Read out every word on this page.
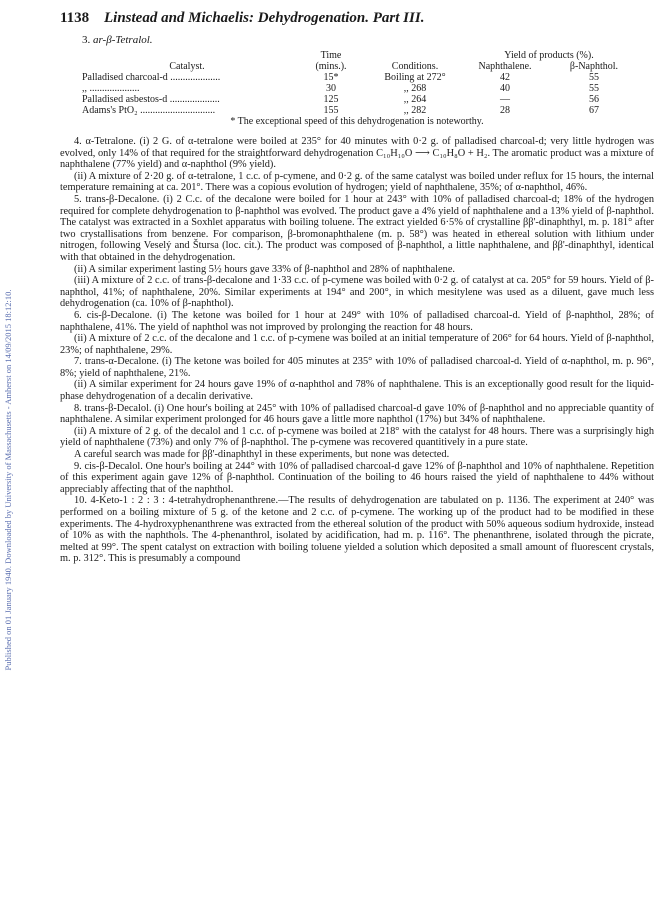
Published on 01 January 1940. Downloaded by University of Massachusetts - Amherst on 14/09/2015 18:12:10.
1138 Linstead and Michaelis: Dehydrogenation. Part III.
3. ar-β-Tetralol.
	Time		Yield of products (%).	
Catalyst.	(mins.).	Conditions.	Naphthalene.	β-Naphthol.
Palladised charcoal-d ....................	15*	Boiling at 272°	42	55
,, ....................	30	,, 268	40	55
Palladised asbestos-d ....................	125	,, 264	—	56
Adams's PtO₂ ..............................	155	,, 282	28	67
* The exceptional speed of this dehydrogenation is noteworthy.

4. α-Tetralone. (i) 2 G. of α-tetralone were boiled at 235° for 40 minutes with 0·2 g. of palladised charcoal-d; very little hydrogen was evolved, only 14% of that required for the straightforward dehydrogenation C₁₀H₁₀O ⟶ C₁₀H₈O + H₂. The aromatic product was a mixture of naphthalene (77% yield) and α-naphthol (9% yield).

(ii) A mixture of 2·20 g. of α-tetralone, 1 c.c. of p-cymene, and 0·2 g. of the same catalyst was boiled under reflux for 15 hours, the internal temperature remaining at ca. 201°. There was a copious evolution of hydrogen; yield of naphthalene, 35%; of α-naphthol, 46%.

5. trans-β-Decalone. (i) 2 C.c. of the decalone were boiled for 1 hour at 243° with 10% of palladised charcoal-d; 18% of the hydrogen required for complete dehydrogenation to β-naphthol was evolved. The product gave a 4% yield of naphthalene and a 13% yield of β-naphthol. The catalyst was extracted in a Soxhlet apparatus with boiling toluene. The extract yielded 6·5% of crystalline ββ'-dinaphthyl, m. p. 181° after two crystallisations from benzene. For comparison, β-bromonaphthalene (m. p. 58°) was heated in ethereal solution with lithium under nitrogen, following Veselý and Štursa (loc. cit.). The product was composed of β-naphthol, a little naphthalene, and ββ'-dinaphthyl, identical with that obtained in the dehydrogenation.

(ii) A similar experiment lasting 5½ hours gave 33% of β-naphthol and 28% of naphthalene.

(iii) A mixture of 2 c.c. of trans-β-decalone and 1·33 c.c. of p-cymene was boiled with 0·2 g. of catalyst at ca. 205° for 59 hours. Yield of β-naphthol, 41%; of naphthalene, 20%. Similar experiments at 194° and 200°, in which mesitylene was used as a diluent, gave much less dehydrogenation (ca. 10% of β-naphthol).

6. cis-β-Decalone. (i) The ketone was boiled for 1 hour at 249° with 10% of palladised charcoal-d. Yield of β-naphthol, 28%; of naphthalene, 41%. The yield of naphthol was not improved by prolonging the reaction for 48 hours.

(ii) A mixture of 2 c.c. of the decalone and 1 c.c. of p-cymene was boiled at an initial temperature of 206° for 64 hours. Yield of β-naphthol, 23%; of naphthalene, 29%.

7. trans-α-Decalone. (i) The ketone was boiled for 405 minutes at 235° with 10% of palladised charcoal-d. Yield of α-naphthol, m. p. 96°, 8%; yield of naphthalene, 21%.

(ii) A similar experiment for 24 hours gave 19% of α-naphthol and 78% of naphthalene. This is an exceptionally good result for the liquid-phase dehydrogenation of a decalin derivative.

8. trans-β-Decalol. (i) One hour's boiling at 245° with 10% of palladised charcoal-d gave 10% of β-naphthol and no appreciable quantity of naphthalene. A similar experiment prolonged for 46 hours gave a little more naphthol (17%) but 34% of naphthalene.

(ii) A mixture of 2 g. of the decalol and 1 c.c. of p-cymene was boiled at 218° with the catalyst for 48 hours. There was a surprisingly high yield of naphthalene (73%) and only 7% of β-naphthol. The p-cymene was recovered quantitively in a pure state.

A careful search was made for ββ'-dinaphthyl in these experiments, but none was detected.

9. cis-β-Decalol. One hour's boiling at 244° with 10% of palladised charcoal-d gave 12% of β-naphthol and 10% of naphthalene. Repetition of this experiment again gave 12% of β-naphthol. Continuation of the boiling to 46 hours raised the yield of naphthalene to 44% without appreciably affecting that of the naphthol.

10. 4-Keto-1 : 2 : 3 : 4-tetrahydrophenanthrene.—The results of dehydrogenation are tabulated on p. 1136. The experiment at 240° was performed on a boiling mixture of 5 g. of the ketone and 2 c.c. of p-cymene. The working up of the product had to be modified in these experiments. The 4-hydroxyphenanthrene was extracted from the ethereal solution of the product with 50% aqueous sodium hydroxide, instead of 10% as with the naphthols. The 4-phenanthrol, isolated by acidification, had m. p. 116°. The phenanthrene, isolated through the picrate, melted at 99°. The spent catalyst on extraction with boiling toluene yielded a solution which deposited a small amount of fluorescent crystals, m. p. 312°. This is presumably a compound
